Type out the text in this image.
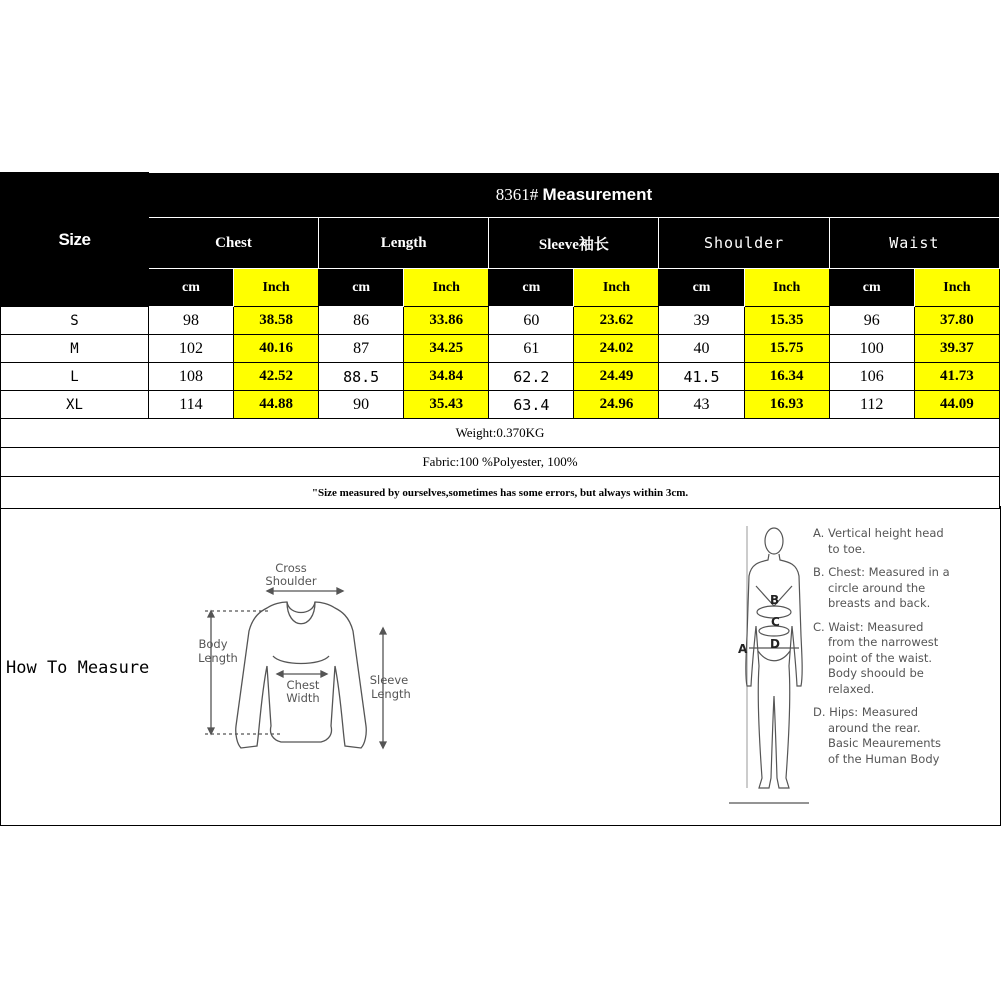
Size	8361# Measurement									
	Chest		Length		Sleeve袖长		Shoulder		Waist	
	cm	Inch	cm	Inch	cm	Inch	cm	Inch	cm	Inch
S	98	38.58	86	33.86	60	23.62	39	15.35	96	37.80
M	102	40.16	87	34.25	61	24.02	40	15.75	100	39.37
L	108	42.52	88.5	34.84	62.2	24.49	41.5	16.34	106	41.73
XL	114	44.88	90	35.43	63.4	24.96	43	16.93	112	44.09
Weight:0.370KG										
Fabric:100 %Polyester, 100%										
"Size measured by ourselves,sometimes has some errors, but always within 3cm.										
How To Measure
Cross
Shoulder
Body
Length
Chest
Width
Sleeve
Length
A
B
C
D

A. Vertical height head

to toe.

B. Chest: Measured in a

circle around the
breasts and back.

C. Waist: Measured

from the narrowest
point of the waist.
Body shoould be
relaxed.

D. Hips: Measured

around the rear.
Basic Meaurements
of the Human Body
